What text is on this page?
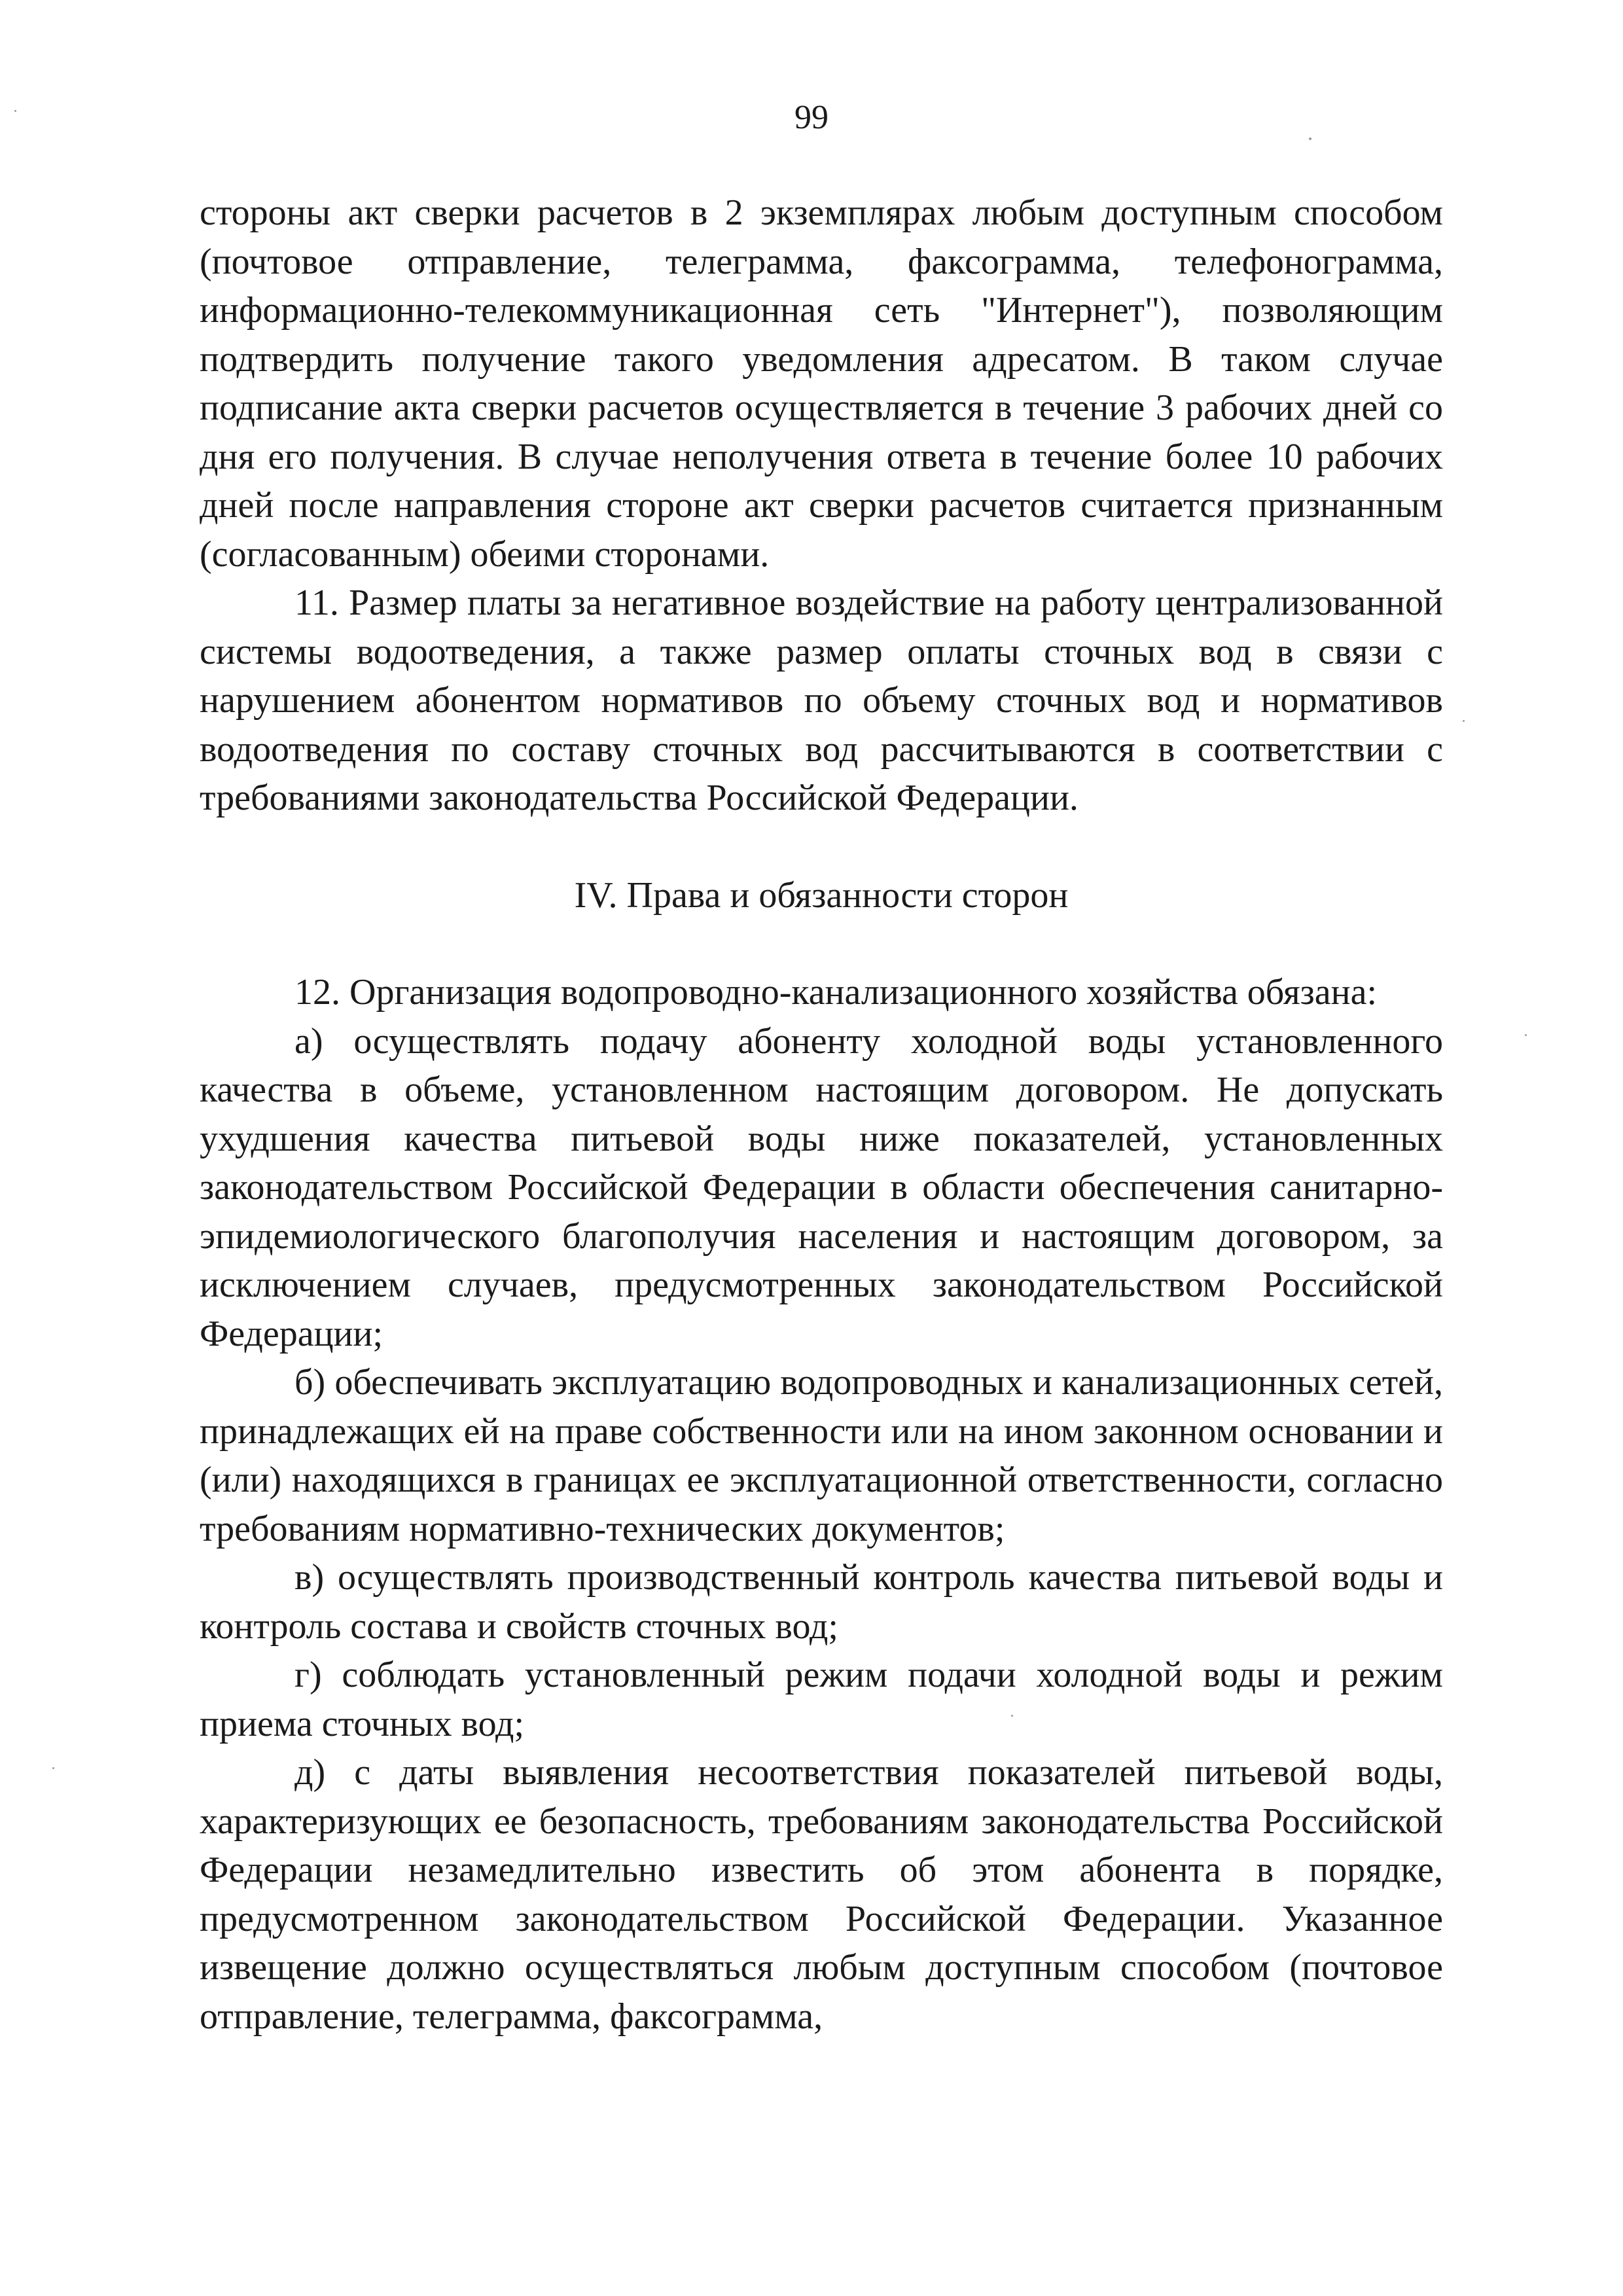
99

стороны акт сверки расчетов в 2 экземплярах любым доступным способом (почтовое отправление, телеграмма, факсограмма, телефонограмма, информационно-телекоммуникационная сеть "Интернет"), позволяющим подтвердить получение такого уведомления адресатом. В таком случае подписание акта сверки расчетов осуществляется в течение 3 рабочих дней со дня его получения. В случае неполучения ответа в течение более 10 рабочих дней после направления стороне акт сверки расчетов считается признанным (согласованным) обеими сторонами.

11. Размер платы за негативное воздействие на работу централизованной системы водоотведения, а также размер оплаты сточных вод в связи с нарушением абонентом нормативов по объему сточных вод и нормативов водоотведения по составу сточных вод рассчитываются в соответствии с требованиями законодательства Российской Федерации.

IV. Права и обязанности сторон

12. Организация водопроводно-канализационного хозяйства обязана:

а) осуществлять подачу абоненту холодной воды установленного качества в объеме, установленном настоящим договором. Не допускать ухудшения качества питьевой воды ниже показателей, установленных законодательством Российской Федерации в области обеспечения санитарно-эпидемиологического благополучия населения и настоящим договором, за исключением случаев, предусмотренных законодательством Российской Федерации;

б) обеспечивать эксплуатацию водопроводных и канализационных сетей, принадлежащих ей на праве собственности или на ином законном основании и (или) находящихся в границах ее эксплуатационной ответственности, согласно требованиям нормативно-технических документов;

в) осуществлять производственный контроль качества питьевой воды и контроль состава и свойств сточных вод;

г) соблюдать установленный режим подачи холодной воды и режим приема сточных вод;

д) с даты выявления несоответствия показателей питьевой воды, характеризующих ее безопасность, требованиям законодательства Российской Федерации незамедлительно известить об этом абонента в порядке, предусмотренном законодательством Российской Федерации. Указанное извещение должно осуществляться любым доступным способом (почтовое отправление, телеграмма, факсограмма,
